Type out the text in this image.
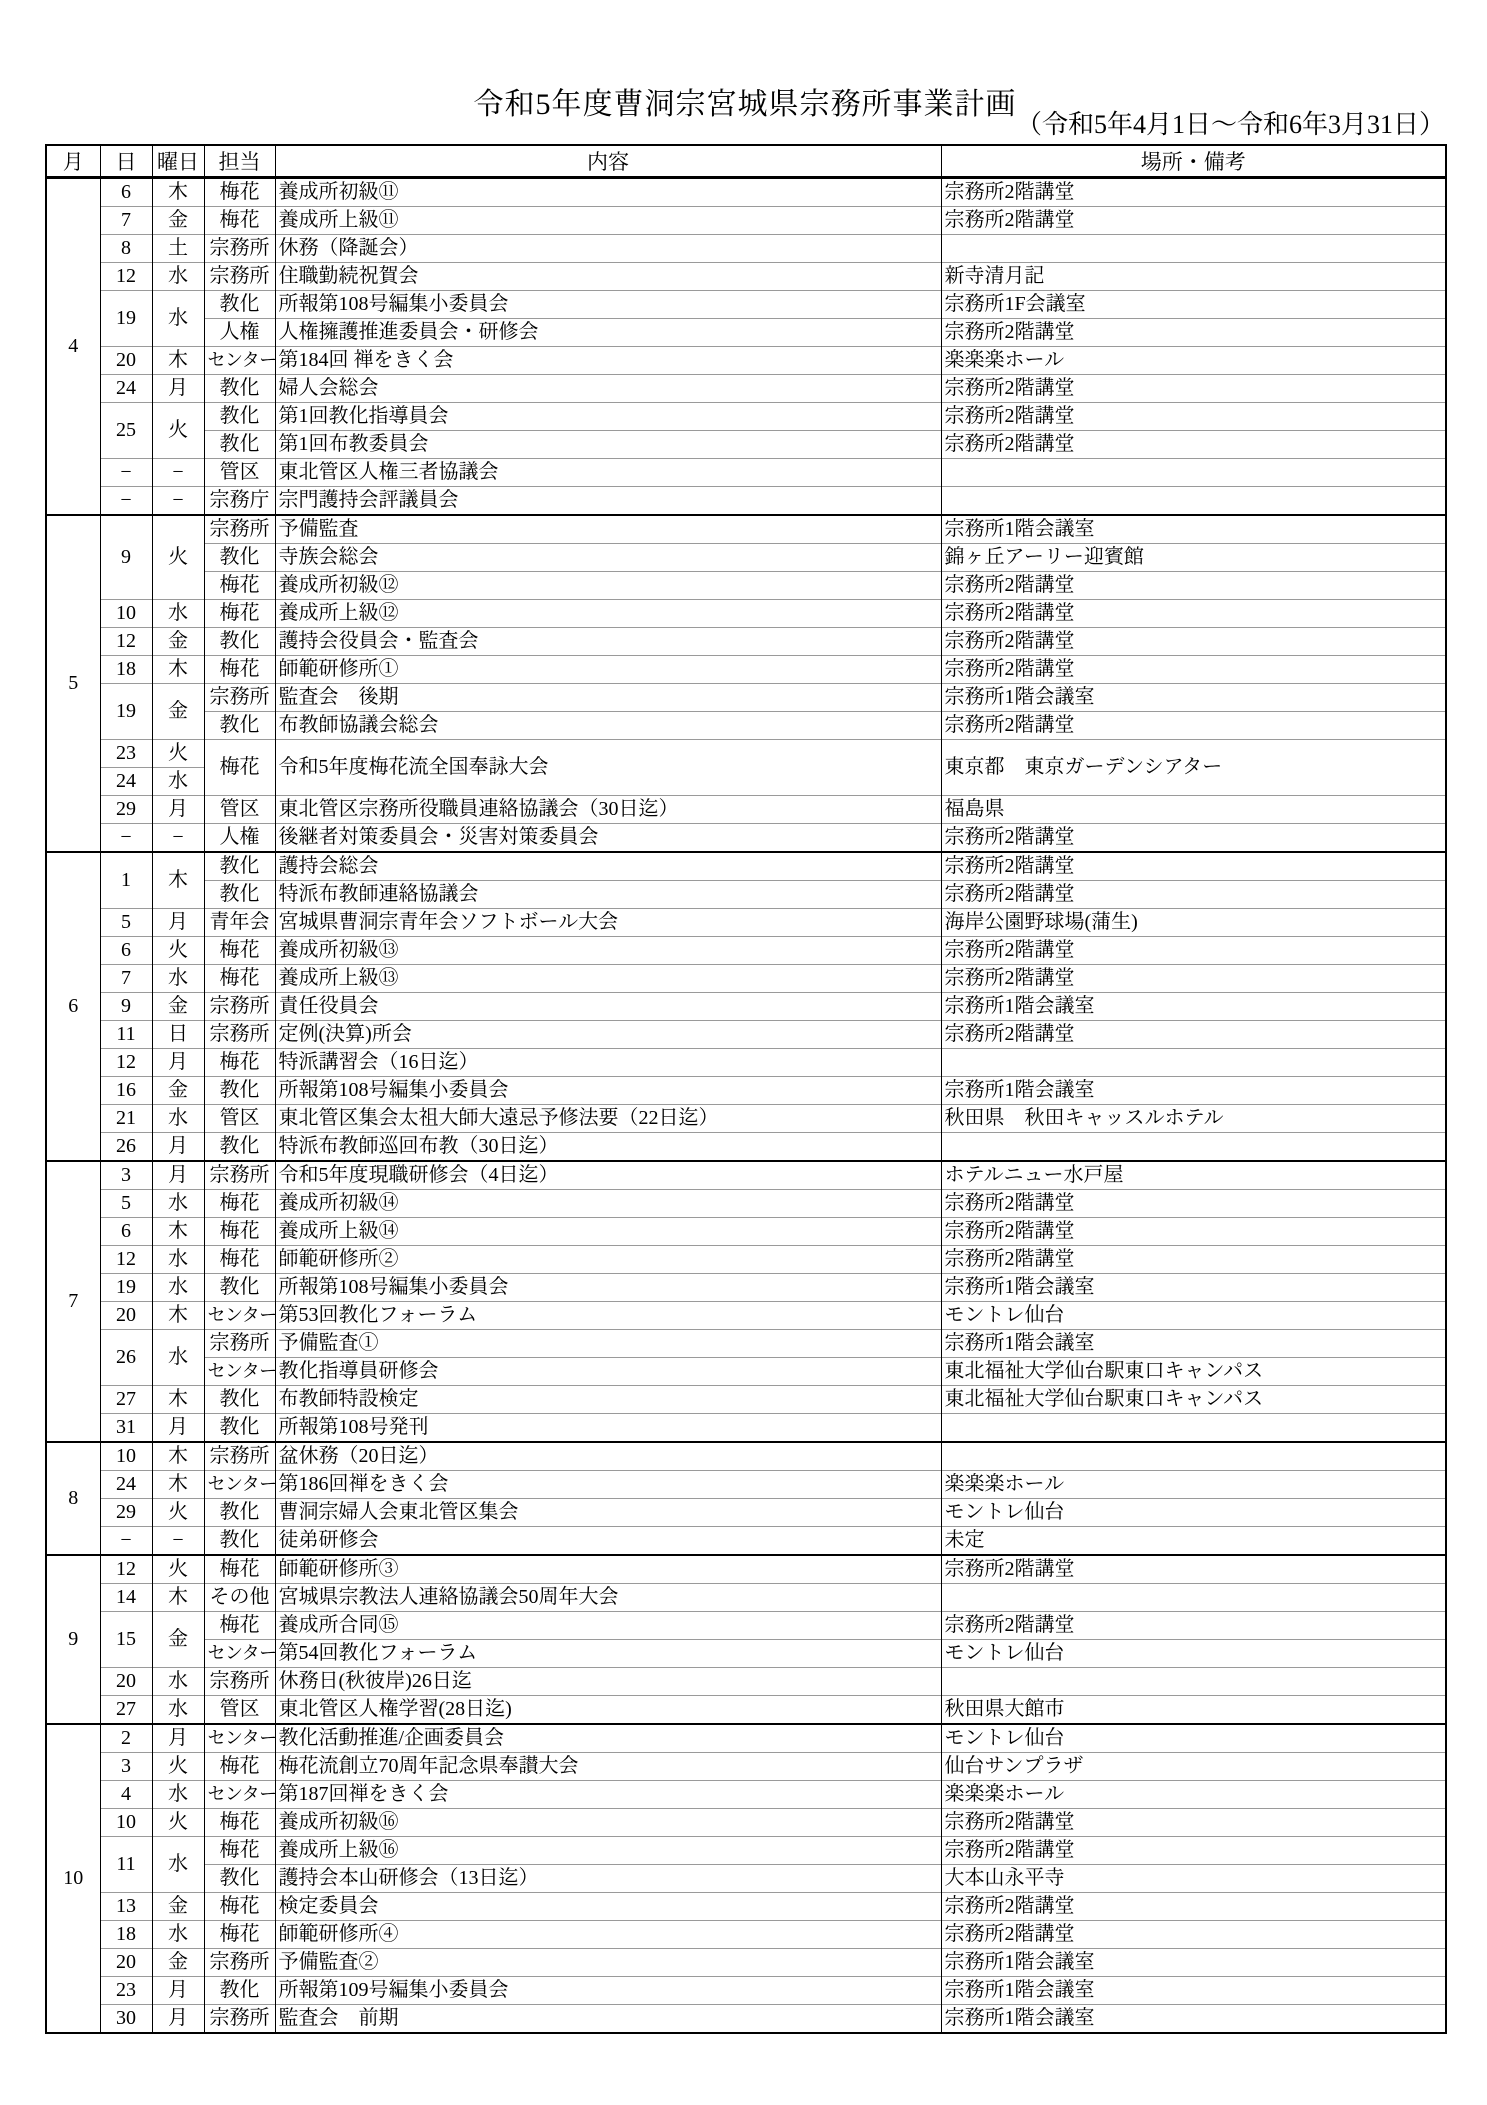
令和5年度曹洞宗宮城県宗務所事業計画
（令和5年4月1日～令和6年3月31日）
月	日	曜日	担当	内容	場所・備考
4	6	木	梅花	養成所初級⑪	宗務所2階講堂
	7	金	梅花	養成所上級⑪	宗務所2階講堂
	8	土	宗務所	休務（降誕会）	
	12	水	宗務所	住職勤続祝賀会	新寺清月記
	19	水	教化	所報第108号編集小委員会	宗務所1F会議室
			人権	人権擁護推進委員会・研修会	宗務所2階講堂
	20	木	センター	第184回 禅をきく会	楽楽楽ホール
	24	月	教化	婦人会総会	宗務所2階講堂
	25	火	教化	第1回教化指導員会	宗務所2階講堂
			教化	第1回布教委員会	宗務所2階講堂
	−	−	管区	東北管区人権三者協議会	
	−	−	宗務庁	宗門護持会評議員会	
5	9	火	宗務所	予備監査	宗務所1階会議室
			教化	寺族会総会	錦ヶ丘アーリー迎賓館
			梅花	養成所初級⑫	宗務所2階講堂
	10	水	梅花	養成所上級⑫	宗務所2階講堂
	12	金	教化	護持会役員会・監査会	宗務所2階講堂
	18	木	梅花	師範研修所①	宗務所2階講堂
	19	金	宗務所	監査会　後期	宗務所1階会議室
			教化	布教師協議会総会	宗務所2階講堂
	23	火	梅花	令和5年度梅花流全国奉詠大会	東京都　東京ガーデンシアター
	24	水			
	29	月	管区	東北管区宗務所役職員連絡協議会（30日迄）	福島県
	−	−	人権	後継者対策委員会・災害対策委員会	宗務所2階講堂
6	1	木	教化	護持会総会	宗務所2階講堂
			教化	特派布教師連絡協議会	宗務所2階講堂
	5	月	青年会	宮城県曹洞宗青年会ソフトボール大会	海岸公園野球場(蒲生)
	6	火	梅花	養成所初級⑬	宗務所2階講堂
	7	水	梅花	養成所上級⑬	宗務所2階講堂
	9	金	宗務所	責任役員会	宗務所1階会議室
	11	日	宗務所	定例(決算)所会	宗務所2階講堂
	12	月	梅花	特派講習会（16日迄）	
	16	金	教化	所報第108号編集小委員会	宗務所1階会議室
	21	水	管区	東北管区集会太祖大師大遠忌予修法要（22日迄）	秋田県　秋田キャッスルホテル
	26	月	教化	特派布教師巡回布教（30日迄）	
7	3	月	宗務所	令和5年度現職研修会（4日迄）	ホテルニュー水戸屋
	5	水	梅花	養成所初級⑭	宗務所2階講堂
	6	木	梅花	養成所上級⑭	宗務所2階講堂
	12	水	梅花	師範研修所②	宗務所2階講堂
	19	水	教化	所報第108号編集小委員会	宗務所1階会議室
	20	木	センター	第53回教化フォーラム	モントレ仙台
	26	水	宗務所	予備監査①	宗務所1階会議室
			センター	教化指導員研修会	東北福祉大学仙台駅東口キャンパス
	27	木	教化	布教師特設検定	東北福祉大学仙台駅東口キャンパス
	31	月	教化	所報第108号発刊	
8	10	木	宗務所	盆休務（20日迄）	
	24	木	センター	第186回禅をきく会	楽楽楽ホール
	29	火	教化	曹洞宗婦人会東北管区集会	モントレ仙台
	−	−	教化	徒弟研修会	未定
9	12	火	梅花	師範研修所③	宗務所2階講堂
	14	木	その他	宮城県宗教法人連絡協議会50周年大会	
	15	金	梅花	養成所合同⑮	宗務所2階講堂
			センター	第54回教化フォーラム	モントレ仙台
	20	水	宗務所	休務日(秋彼岸)26日迄	
	27	水	管区	東北管区人権学習(28日迄)	秋田県大館市
10	2	月	センター	教化活動推進/企画委員会	モントレ仙台
	3	火	梅花	梅花流創立70周年記念県奉讃大会	仙台サンプラザ
	4	水	センター	第187回禅をきく会	楽楽楽ホール
	10	火	梅花	養成所初級⑯	宗務所2階講堂
	11	水	梅花	養成所上級⑯	宗務所2階講堂
			教化	護持会本山研修会（13日迄）	大本山永平寺
	13	金	梅花	検定委員会	宗務所2階講堂
	18	水	梅花	師範研修所④	宗務所2階講堂
	20	金	宗務所	予備監査②	宗務所1階会議室
	23	月	教化	所報第109号編集小委員会	宗務所1階会議室
	30	月	宗務所	監査会　前期	宗務所1階会議室
